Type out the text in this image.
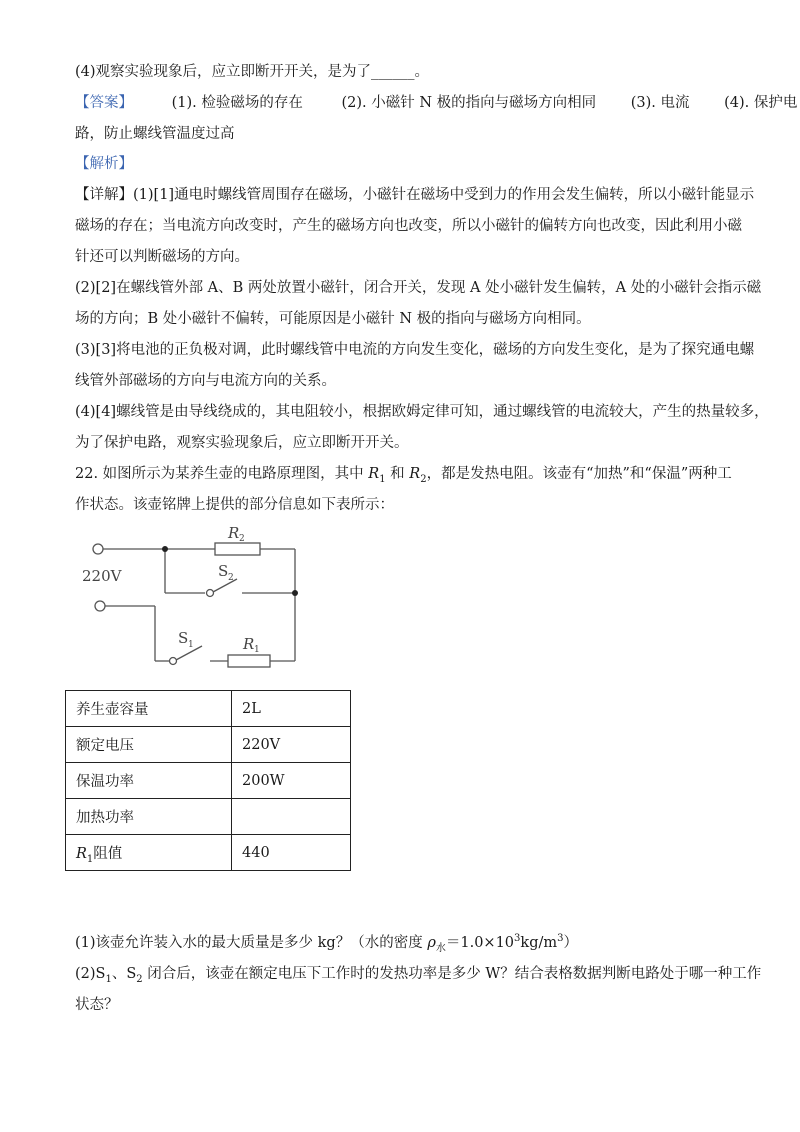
(4)观察实验现象后，应立即断开开关，是为了______。
【答案】	(1). 检验磁场的存在	(2). 小磁针 N 极的指向与磁场方向相同 (3). 电流 (4). 保护电
路，防止螺线管温度过高
【解析】
【详解】(1)[1]通电时螺线管周围存在磁场，小磁针在磁场中受到力的作用会发生偏转，所以小磁针能显示
磁场的存在；当电流方向改变时，产生的磁场方向也改变，所以小磁针的偏转方向也改变，因此利用小磁
针还可以判断磁场的方向。
(2)[2]在螺线管外部 A、B 两处放置小磁针，闭合开关，发现 A 处小磁针发生偏转，A 处的小磁针会指示磁
场的方向；B 处小磁针不偏转，可能原因是小磁针 N 极的指向与磁场方向相同。
(3)[3]将电池的正负极对调，此时螺线管中电流的方向发生变化，磁场的方向发生变化，是为了探究通电螺
线管外部磁场的方向与电流方向的关系。
(4)[4]螺线管是由导线绕成的，其电阻较小，根据欧姆定律可知，通过螺线管的电流较大，产生的热量较多，
为了保护电路，观察实验现象后，应立即断开开关。
22. 如图所示为某养生壶的电路原理图，其中 $R_1$ 和 $R_2$，都是发热电阻。该壶有“加热”和“保温”两种工
作状态。该壶铭牌上提供的部分信息如下表所示：
220V
R 2
S 2
S 1	R 1
养生壶容量	2L
额定电压	220V
保温功率	200W
加热功率	
$R_1$阻值	440
(1)该壶允许装入水的最大质量是多少 kg？（水的密度 $\rho_水=1.0\times 10^3kg/m^3$）
$(2)S_1$、$S_2$ 闭合后，该壶在额定电压下工作时的发热功率是多少 W？结合表格数据判断电路处于哪一种工作
状态？
